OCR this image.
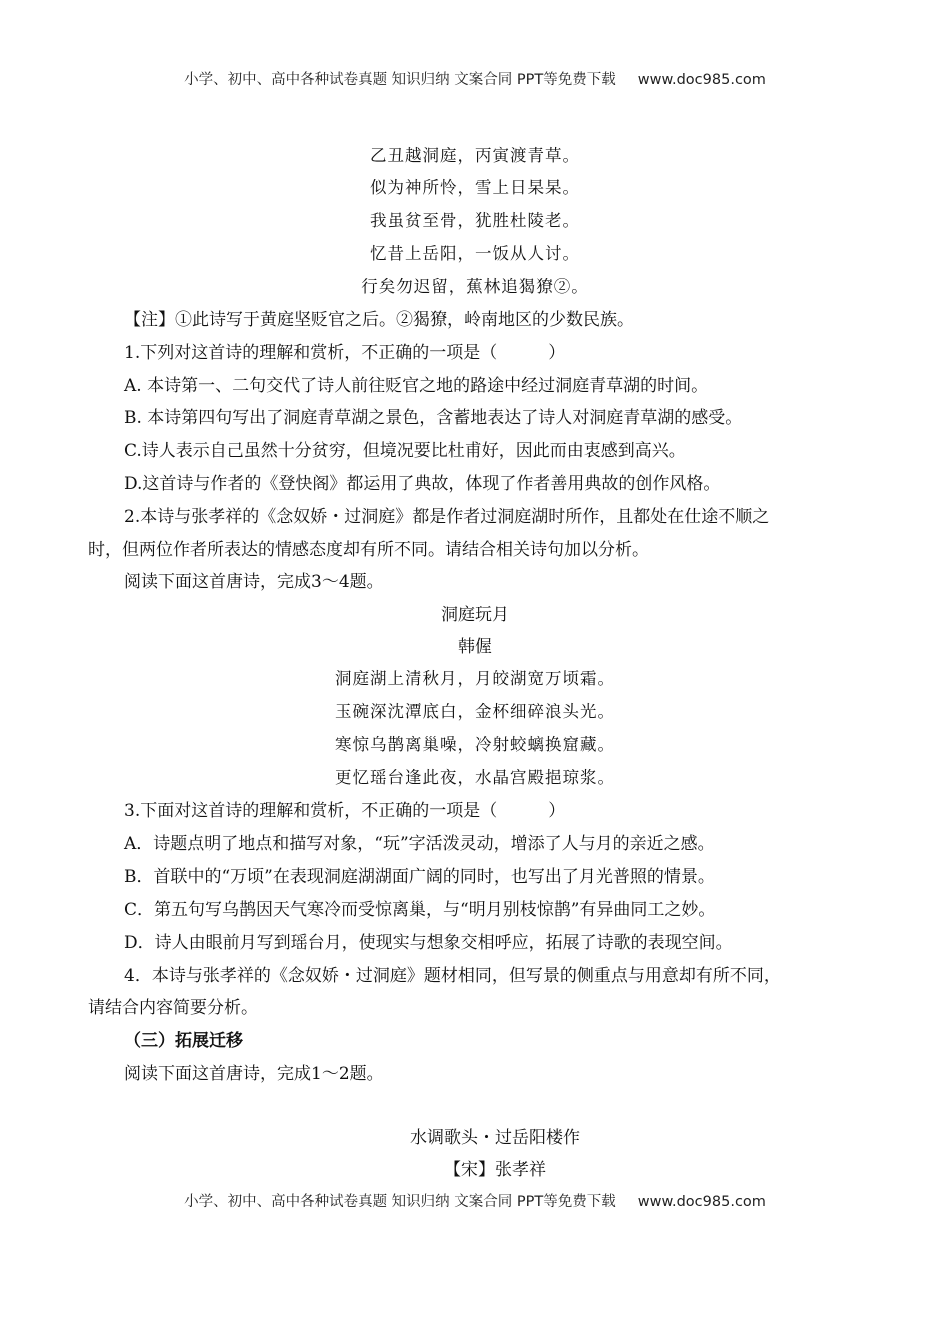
小学、初中、高中各种试卷真题 知识归纳 文案合同 PPT等免费下载 www.doc985.com
乙丑越洞庭，丙寅渡青草。
似为神所怜，雪上日杲杲。
我虽贫至骨，犹胜杜陵老。
忆昔上岳阳，一饭从人讨。
行矣勿迟留，蕉林追猲獠②。
【注】①此诗写于黄庭坚贬官之后。②猲獠，岭南地区的少数民族。
1.下列对这首诗的理解和赏析，不正确的一项是（　　　）
A. 本诗第一、二句交代了诗人前往贬官之地的路途中经过洞庭青草湖的时间。
B. 本诗第四句写出了洞庭青草湖之景色，含蓄地表达了诗人对洞庭青草湖的感受。
C.诗人表示自己虽然十分贫穷，但境况要比杜甫好，因此而由衷感到高兴。
D.这首诗与作者的《登快阁》都运用了典故，体现了作者善用典故的创作风格。
2.本诗与张孝祥的《念奴娇・过洞庭》都是作者过洞庭湖时所作，且都处在仕途不顺之
时，但两位作者所表达的情感态度却有所不同。请结合相关诗句加以分析。
阅读下面这首唐诗，完成3～4题。
洞庭玩月
韩偓
洞庭湖上清秋月，月皎湖宽万顷霜。
玉碗深沈潭底白，金杯细碎浪头光。
寒惊乌鹊离巢噪，冷射蛟螭换窟藏。
更忆瑶台逢此夜，水晶宫殿挹琼浆。
3.下面对这首诗的理解和赏析，不正确的一项是（　　　）
A．诗题点明了地点和描写对象，“玩”字活泼灵动，增添了人与月的亲近之感。
B．首联中的“万顷”在表现洞庭湖湖面广阔的同时，也写出了月光普照的情景。
C．第五句写乌鹊因天气寒冷而受惊离巢，与“明月别枝惊鹊”有异曲同工之妙。
D．诗人由眼前月写到瑶台月，使现实与想象交相呼应，拓展了诗歌的表现空间。
4．本诗与张孝祥的《念奴娇・过洞庭》题材相同，但写景的侧重点与用意却有所不同，
请结合内容简要分析。
（三）拓展迁移
阅读下面这首唐诗，完成1～2题。
水调歌头・过岳阳楼作
【宋】张孝祥
小学、初中、高中各种试卷真题 知识归纳 文案合同 PPT等免费下载 www.doc985.com
